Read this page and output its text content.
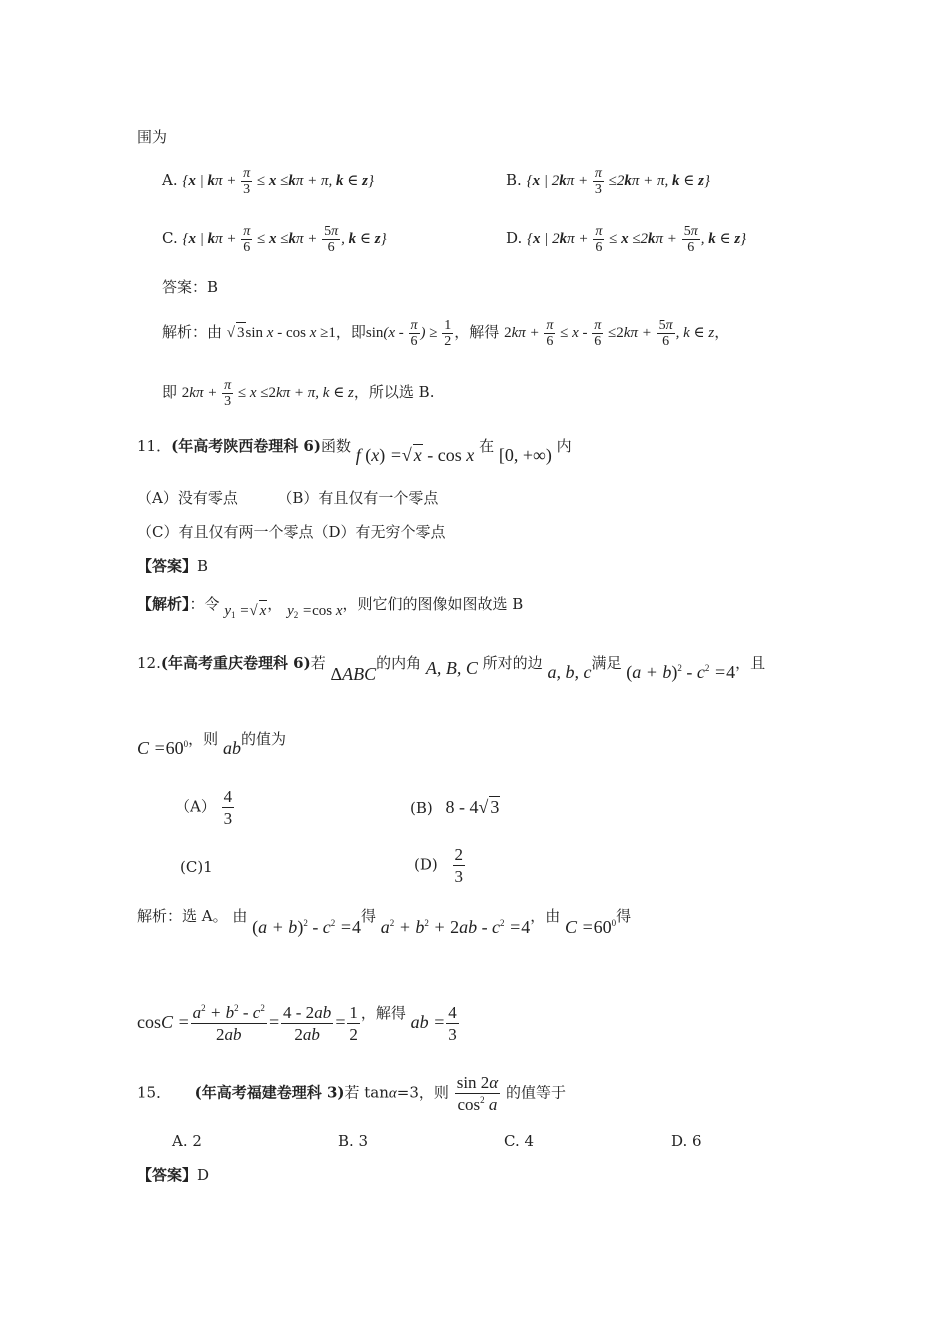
围为
A. {x | $k\pi + \frac{\pi}{3} \le x \le k\pi + \pi$, k ∈ z}	B. {x | $2k\pi + \frac{\pi}{3} \le 2k\pi + \pi$, k ∈ z}
C. {x | $k\pi + \frac{\pi}{6} \le x \le k\pi + \frac{5\pi}{6}$ , k ∈ z}	D. {x | $2k\pi + \frac{\pi}{6} \le x \le 2k\pi + \frac{5\pi}{6}$ , k ∈ z}
答案：B
解析：由 √ 3sin x - cos x ≥1，即$\sin(x - \frac{\pi}{6}$ ) ≥ $\frac{1}{2}$ ，解得 $2k\pi + \frac{\pi}{6} \le x - \frac{\pi}{6} \le 2k\pi + \frac{5\pi}{6}$ , k ∈ z，
即 $2k\pi + \frac{\pi}{3} \le x \le 2k\pi + \pi$, k ∈ z，所以选 B.
11．(年高考陕西卷理科 6)函数 f (x) =√ x - cos x 在 [0, +∞) 内
（A）没有零点	（B）有且仅有一个零点
（C）有且仅有两一个零点（D）有无穷个零点
【答案】B
【解析】：令 $y_1$ =√ x， $y_2 =\cos$ x，则它们的图像如图故选 B
12.(年高考重庆卷理科 6)若 ΔABC的内角 A, B, C 所对的边 a, b, c满足 $(a + b)^2 - c^2 =4$，且
$C =60^0$，则 ab的值为
$(A) \frac{4}{3}$	(B) 8 - 4√ 3
(C)1	$(D) \frac{2}{3}$
解析：选 A。 由 $(a + b)^2 - c^2 =4$得 $a^2 + b^2 + 2ab - c^2 =4$，由 $C =60^0$得
$\cos C = \frac{a^2 + b^2 - c^2}{2ab} = \frac{4 - 2ab}{2ab} = \frac{1}{2}$ ，解得 ab = $\frac{4}{3}$
15． (年高考福建卷理科 3)若 tanα=3，则 $\frac{\sin 2\alpha}{\cos^2 a}$ 的值等于
A. 2	B. 3	C. 4	D. 6
【答案】D
